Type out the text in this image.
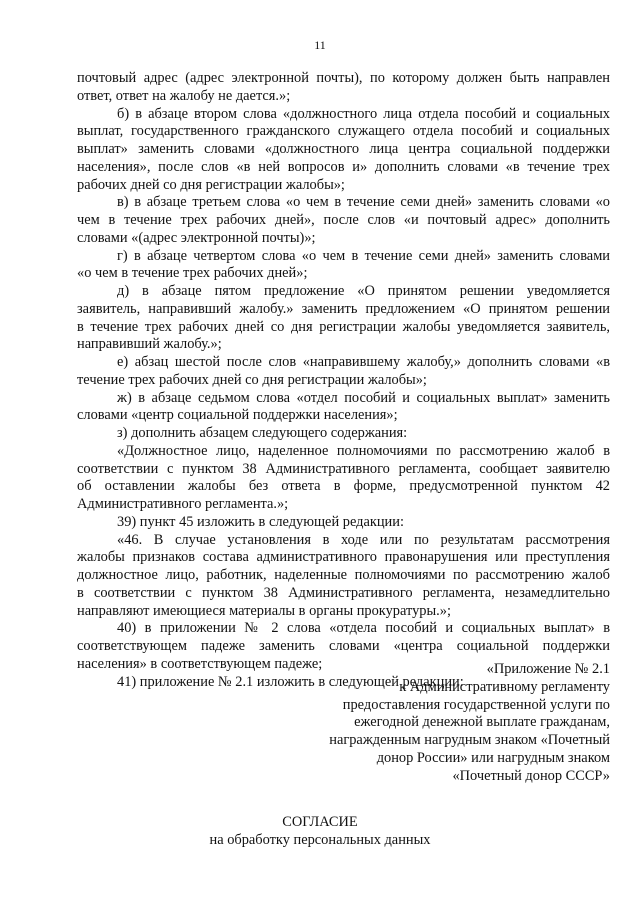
11
почтовый адрес (адрес электронной почты), по которому должен быть направлен
ответ, ответ на жалобу не дается.»;
б) в абзаце втором слова «должностного лица отдела пособий и социальных
выплат, государственного гражданского служащего отдела пособий и социальных
выплат» заменить словами «должностного лица центра социальной поддержки
населения», после слов «в ней вопросов и» дополнить словами «в течение трех
рабочих дней со дня регистрации жалобы»;
в) в абзаце третьем слова «о чем в течение семи дней» заменить словами «о
чем в течение трех рабочих дней», после слов «и почтовый адрес» дополнить
словами «(адрес электронной почты)»;
г) в абзаце четвертом слова «о чем в течение семи дней» заменить словами
«о чем в течение трех рабочих дней»;
д) в абзаце пятом предложение «О принятом решении уведомляется
заявитель, направивший жалобу.» заменить предложением «О принятом решении
в течение трех рабочих дней со дня регистрации жалобы уведомляется заявитель,
направивший жалобу.»;
е) абзац шестой после слов «направившему жалобу,» дополнить словами «в
течение трех рабочих дней со дня регистрации жалобы»;
ж) в абзаце седьмом слова «отдел пособий и социальных выплат» заменить
словами «центр социальной поддержки населения»;
з) дополнить абзацем следующего содержания:
«Должностное лицо, наделенное полномочиями по рассмотрению жалоб в
соответствии с пунктом 38 Административного регламента, сообщает заявителю
об оставлении жалобы без ответа в форме, предусмотренной пунктом 42
Административного регламента.»;
39) пункт 45 изложить в следующей редакции:
«46. В случае установления в ходе или по результатам рассмотрения
жалобы признаков состава административного правонарушения или преступления
должностное лицо, работник, наделенные полномочиями по рассмотрению жалоб
в соответствии с пунктом 38 Административного регламента, незамедлительно
направляют имеющиеся материалы в органы прокуратуры.»;
40) в приложении № 2 слова «отдела пособий и социальных выплат» в
соответствующем падеже заменить словами «центра социальной поддержки
населения» в соответствующем падеже;
41) приложение № 2.1 изложить в следующей редакции:
«Приложение № 2.1
к Административному регламенту
предоставления государственной услуги по
ежегодной денежной выплате гражданам,
награжденным нагрудным знаком «Почетный
донор России» или нагрудным знаком
«Почетный донор СССР»
СОГЛАСИЕ
на обработку персональных данных
